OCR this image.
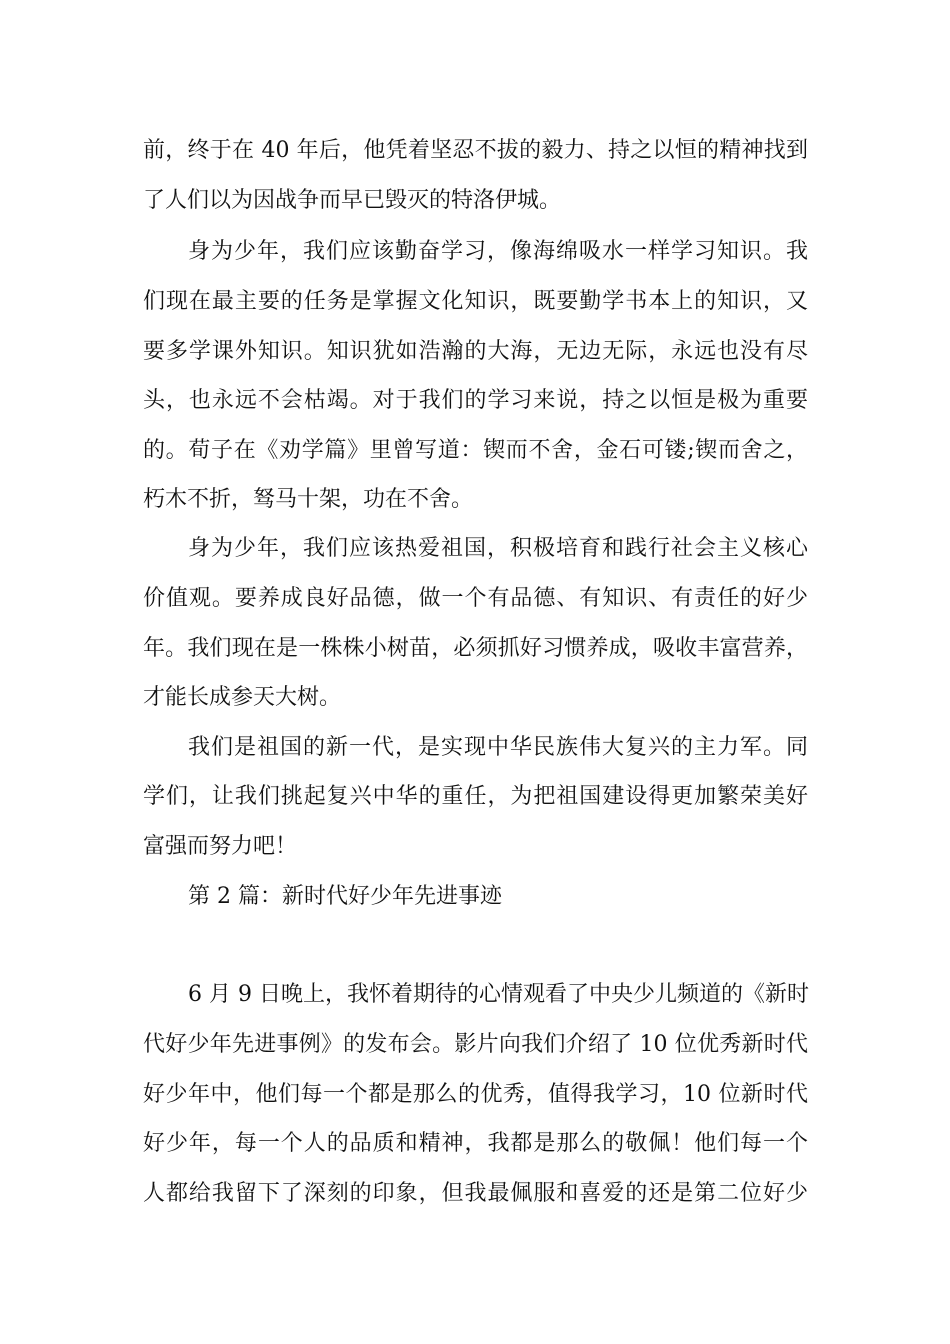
前，终于在 40 年后，他凭着坚忍不拔的毅力、持之以恒的精神找到
了人们以为因战争而早已毁灭的特洛伊城。
身为少年，我们应该勤奋学习，像海绵吸水一样学习知识。我
们现在最主要的任务是掌握文化知识，既要勤学书本上的知识，又
要多学课外知识。知识犹如浩瀚的大海，无边无际，永远也没有尽
头，也永远不会枯竭。对于我们的学习来说，持之以恒是极为重要
的。荀子在《劝学篇》里曾写道：锲而不舍，金石可镂;锲而舍之，
朽木不折，驽马十架，功在不舍。
身为少年，我们应该热爱祖国，积极培育和践行社会主义核心
价值观。要养成良好品德，做一个有品德、有知识、有责任的好少
年。我们现在是一株株小树苗，必须抓好习惯养成，吸收丰富营养，
才能长成参天大树。
我们是祖国的新一代，是实现中华民族伟大复兴的主力军。同
学们，让我们挑起复兴中华的重任，为把祖国建设得更加繁荣美好
富强而努力吧！
第 2 篇：新时代好少年先进事迹
6 月 9 日晚上，我怀着期待的心情观看了中央少儿频道的《新时
代好少年先进事例》的发布会。影片向我们介绍了 10 位优秀新时代
好少年中，他们每一个都是那么的优秀，值得我学习，10 位新时代
好少年，每一个人的品质和精神，我都是那么的敬佩！他们每一个
人都给我留下了深刻的印象，但我最佩服和喜爱的还是第二位好少
